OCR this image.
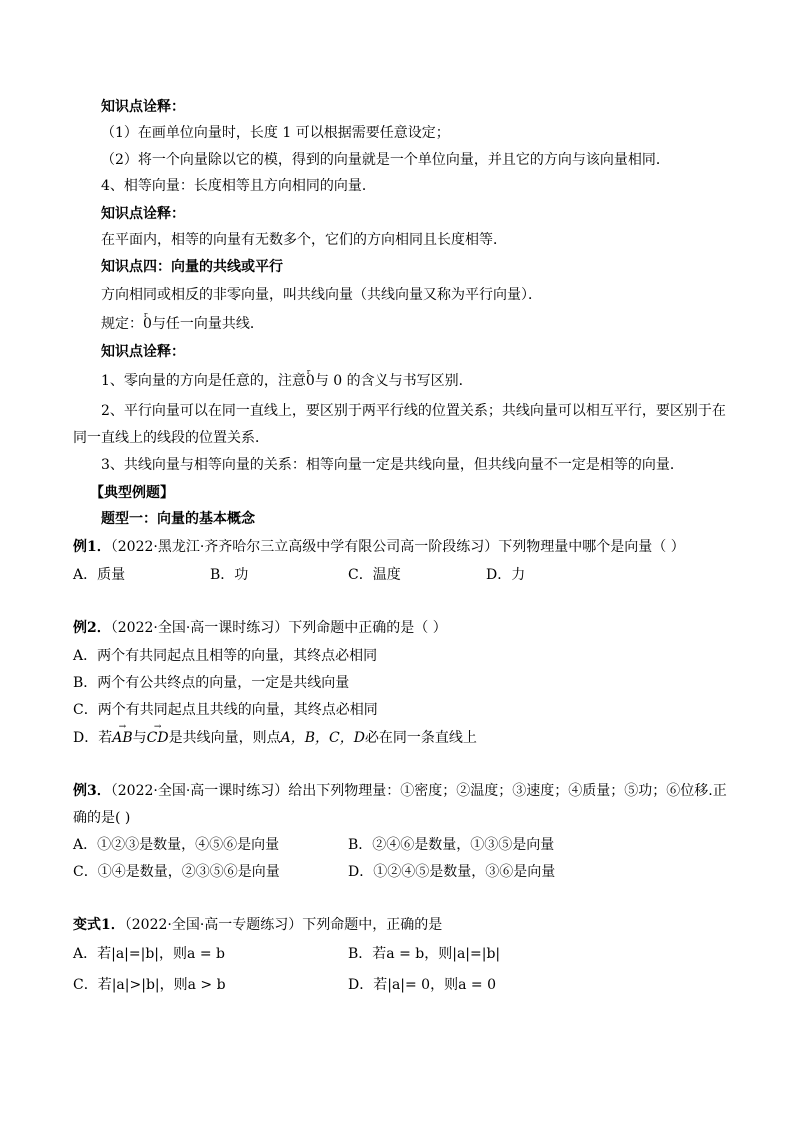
知识点诠释：
（1）在画单位向量时，长度 1 可以根据需要任意设定；
（2）将一个向量除以它的模，得到的向量就是一个单位向量，并且它的方向与该向量相同．
4、相等向量：长度相等且方向相同的向量．
知识点诠释：
在平面内，相等的向量有无数多个，它们的方向相同且长度相等．
知识点四：向量的共线或平行
方向相同或相反的非零向量，叫共线向量（共线向量又称为平行向量）．
规定：r 0与任一向量共线．
知识点诠释：
1、零向量的方向是任意的，注意r 0与 0 的含义与书写区别．
2、平行向量可以在同一直线上，要区别于两平行线的位置关系；共线向量可以相互平行，要区别于在
同一直线上的线段的位置关系．
3、共线向量与相等向量的关系：相等向量一定是共线向量，但共线向量不一定是相等的向量．
【典型例题】
题型一：向量的基本概念
例1．（2022·黑龙江·齐齐哈尔三立高级中学有限公司高一阶段练习）下列物理量中哪个是向量（ ）
A．质量	B．功	C．温度	D．力
例2．（2022·全国·高一课时练习）下列命题中正确的是（ ）
A．两个有共同起点且相等的向量，其终点必相同
B．两个有公共终点的向量，一定是共线向量
C．两个有共同起点且共线的向量，其终点必相同
D．若→ AB与→ CD是共线向量，则点A，B，C，D必在同一条直线上
例3．（2022·全国·高一课时练习）给出下列物理量：①密度；②温度；③速度；④质量；⑤功；⑥位移.正
确的是( )
A．①②③是数量，④⑤⑥是向量	B．②④⑥是数量，①③⑤是向量
C．①④是数量，②③⑤⑥是向量	D．①②④⑤是数量，③⑥是向量
变式1．（2022·全国·高一专题练习）下列命题中，正确的是
A．若|a|=|b|，则a = b	B．若a = b，则|a|=|b|
C．若|a|>|b|，则a > b	D．若|a|= 0，则a = 0
